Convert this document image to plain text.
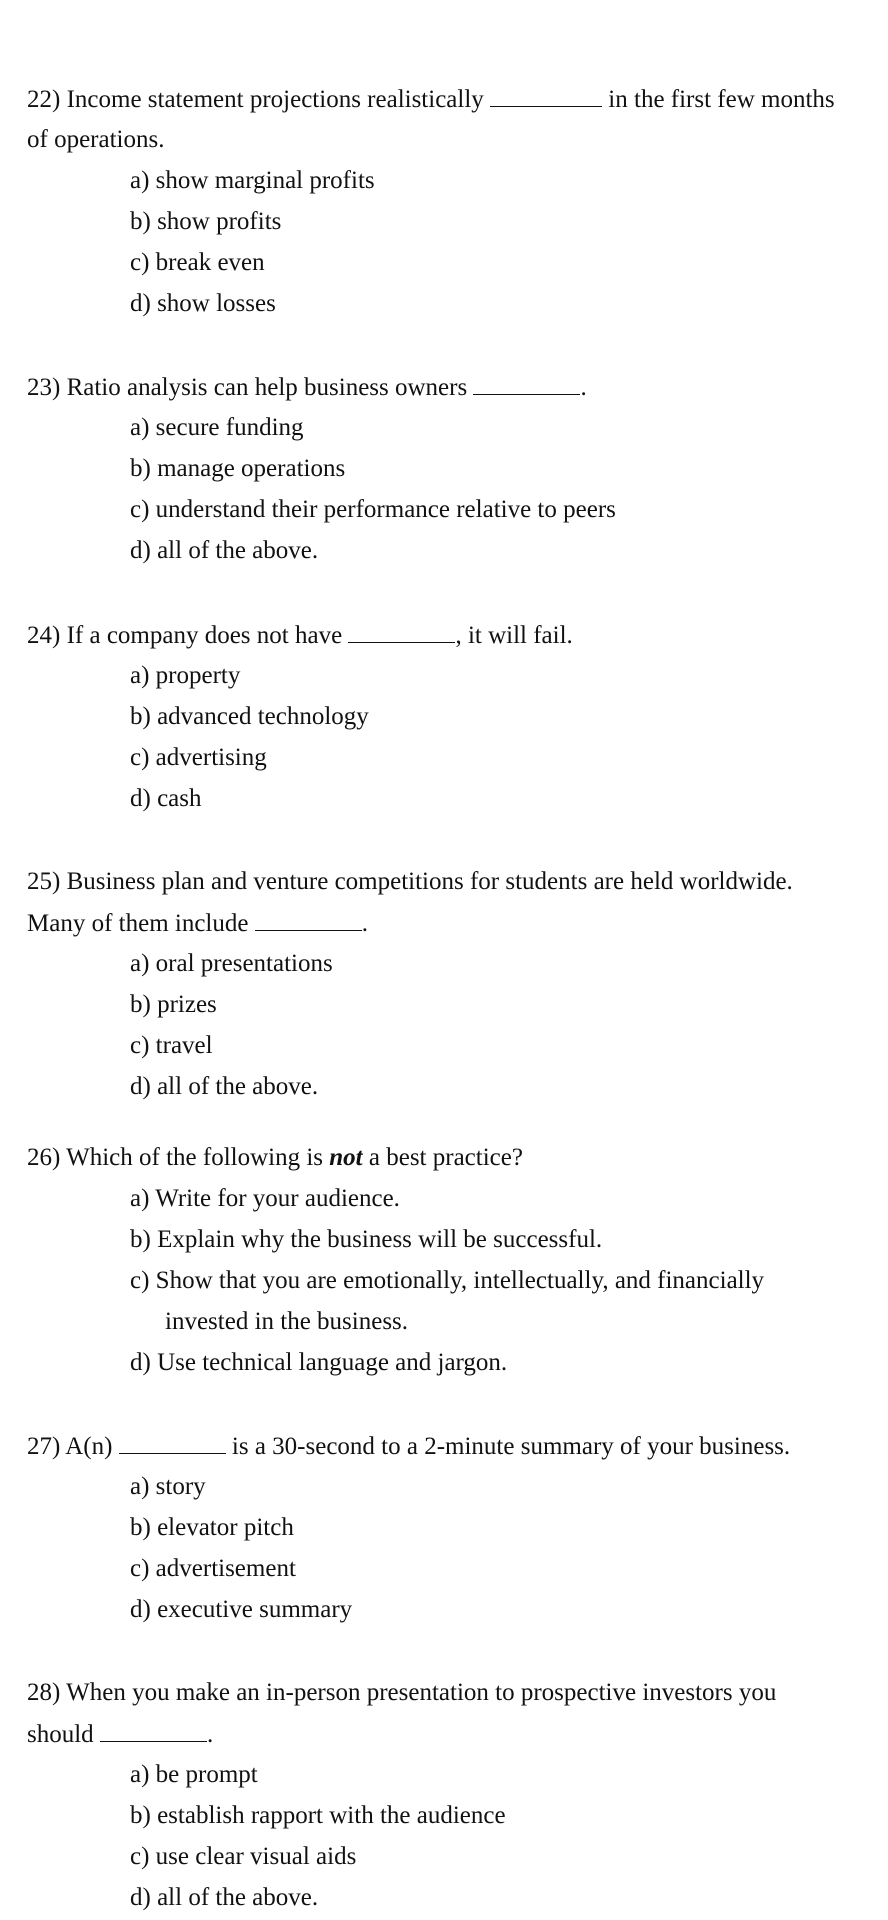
22) Income statement projections realistically	in the first few months
of operations.
a) show marginal profits
b) show profits
c) break even
d) show losses
23) Ratio analysis can help business owners	.
a) secure funding
b) manage operations
c) understand their performance relative to peers
d) all of the above.
24) If a company does not have	, it will fail.
a) property
b) advanced technology
c) advertising
d) cash
25) Business plan and venture competitions for students are held worldwide.
Many of them include	.
a) oral presentations
b) prizes
c) travel
d) all of the above.
26) Which of the following is not a best practice?
a) Write for your audience.
b) Explain why the business will be successful.
c) Show that you are emotionally, intellectually, and financially
invested in the business.
d) Use technical language and jargon.
27) A(n)	is a 30-second to a 2-minute summary of your business.
a) story
b) elevator pitch
c) advertisement
d) executive summary
28) When you make an in-person presentation to prospective investors you
should	.
a) be prompt
b) establish rapport with the audience
c) use clear visual aids
d) all of the above.
